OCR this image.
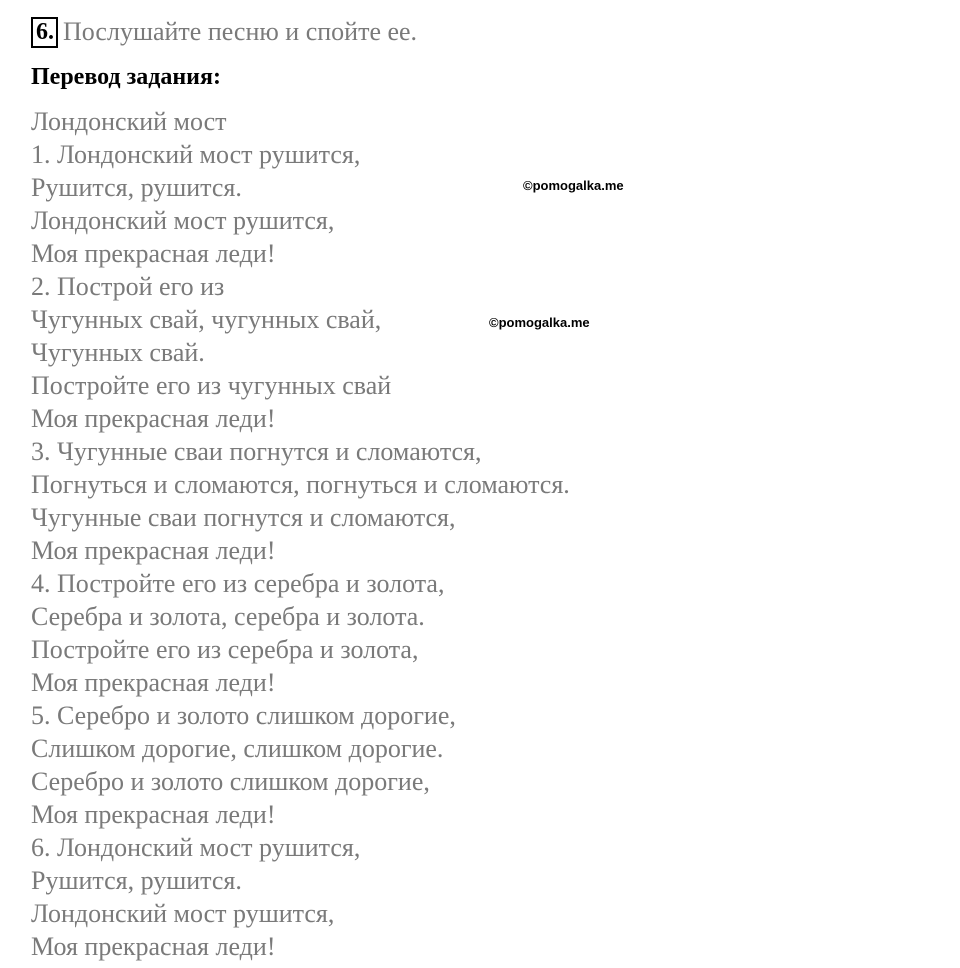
6. Послушайте песню и спойте ее.
Перевод задания:
Лондонский мост
1. Лондонский мост рушится,
Рушится, рушится.
Лондонский мост рушится,
Моя прекрасная леди!
2. Построй его из
Чугунных свай, чугунных свай,
Чугунных свай.
Постройте его из чугунных свай
Моя прекрасная леди!
3. Чугунные сваи погнутся и сломаются,
Погнуться и сломаются, погнуться и сломаются.
Чугунные сваи погнутся и сломаются,
Моя прекрасная леди!
4. Постройте его из серебра и золота,
Серебра и золота, серебра и золота.
Постройте его из серебра и золота,
Моя прекрасная леди!
5. Серебро и золото слишком дорогие,
Слишком дорогие, слишком дорогие.
Серебро и золото слишком дорогие,
Моя прекрасная леди!
6. Лондонский мост рушится,
Рушится, рушится.
Лондонский мост рушится,
Моя прекрасная леди!
©pomogalka.me
©pomogalka.me
